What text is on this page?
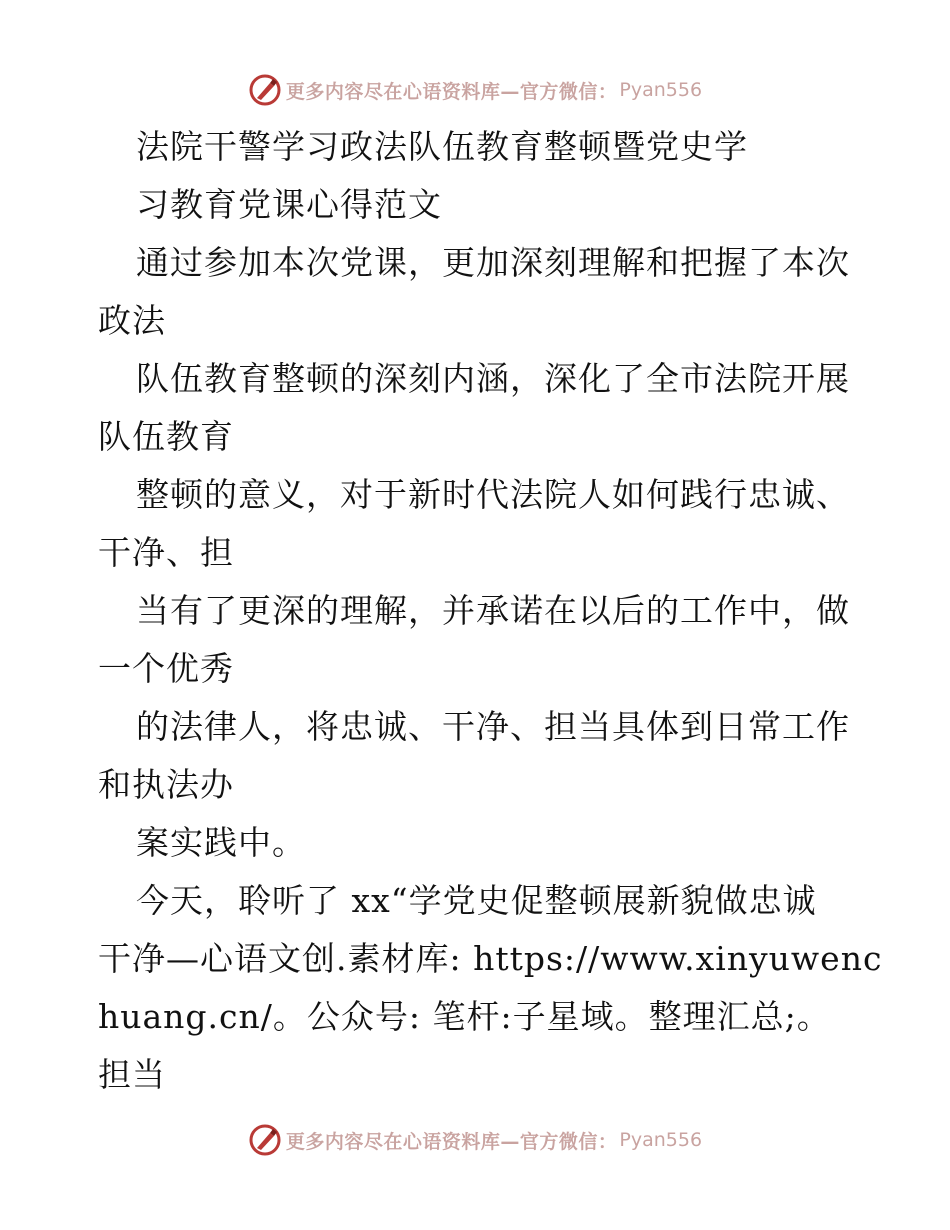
更多内容尽在心语资料库—官方微信： Pyan556
法院干警学习政法队伍教育整顿暨党史学
习教育党课心得范文
通过参加本次党课，更加深刻理解和把握了本次
政法
队伍教育整顿的深刻内涵，深化了全市法院开展
队伍教育
整顿的意义，对于新时代法院人如何践行忠诚、
干净、担
当有了更深的理解，并承诺在以后的工作中，做
一个优秀
的法律人，将忠诚、干净、担当具体到日常工作
和执法办
案实践中。
今天，聆听了 xx“学党史促整顿展新貌做忠诚
干净—心语文创.素材库: https://www.xinyuwenc
huang.cn/。公众号: 笔杆:子星域。整理汇总;。
担当
更多内容尽在心语资料库—官方微信： Pyan556
